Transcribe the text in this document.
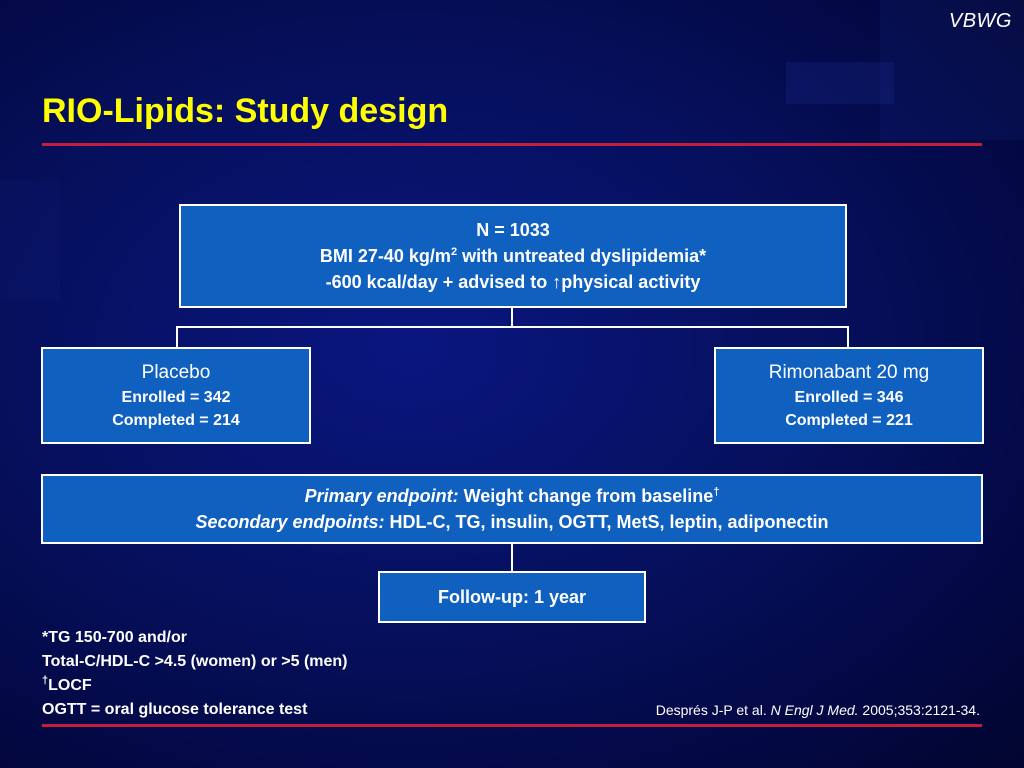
VBWG
RIO-Lipids: Study design
N = 1033
BMI 27-40 $kg/m^2$ with untreated dyslipidemia*
-600 kcal/day + advised to ↑physical activity
Placebo
Enrolled = 342
Completed = 214
Rimonabant 20 mg
Enrolled = 346
Completed = 221
Primary endpoint: Weight change from baseline†
Secondary endpoints: HDL-C, TG, insulin, OGTT, MetS, leptin, adiponectin
Follow-up: 1 year
*TG 150-700 and/or
Total-C/HDL-C >4.5 (women) or >5 (men)
†LOCF
OGTT = oral glucose tolerance test	Després J-P et al. N Engl J Med. 2005;353:2121-34.
